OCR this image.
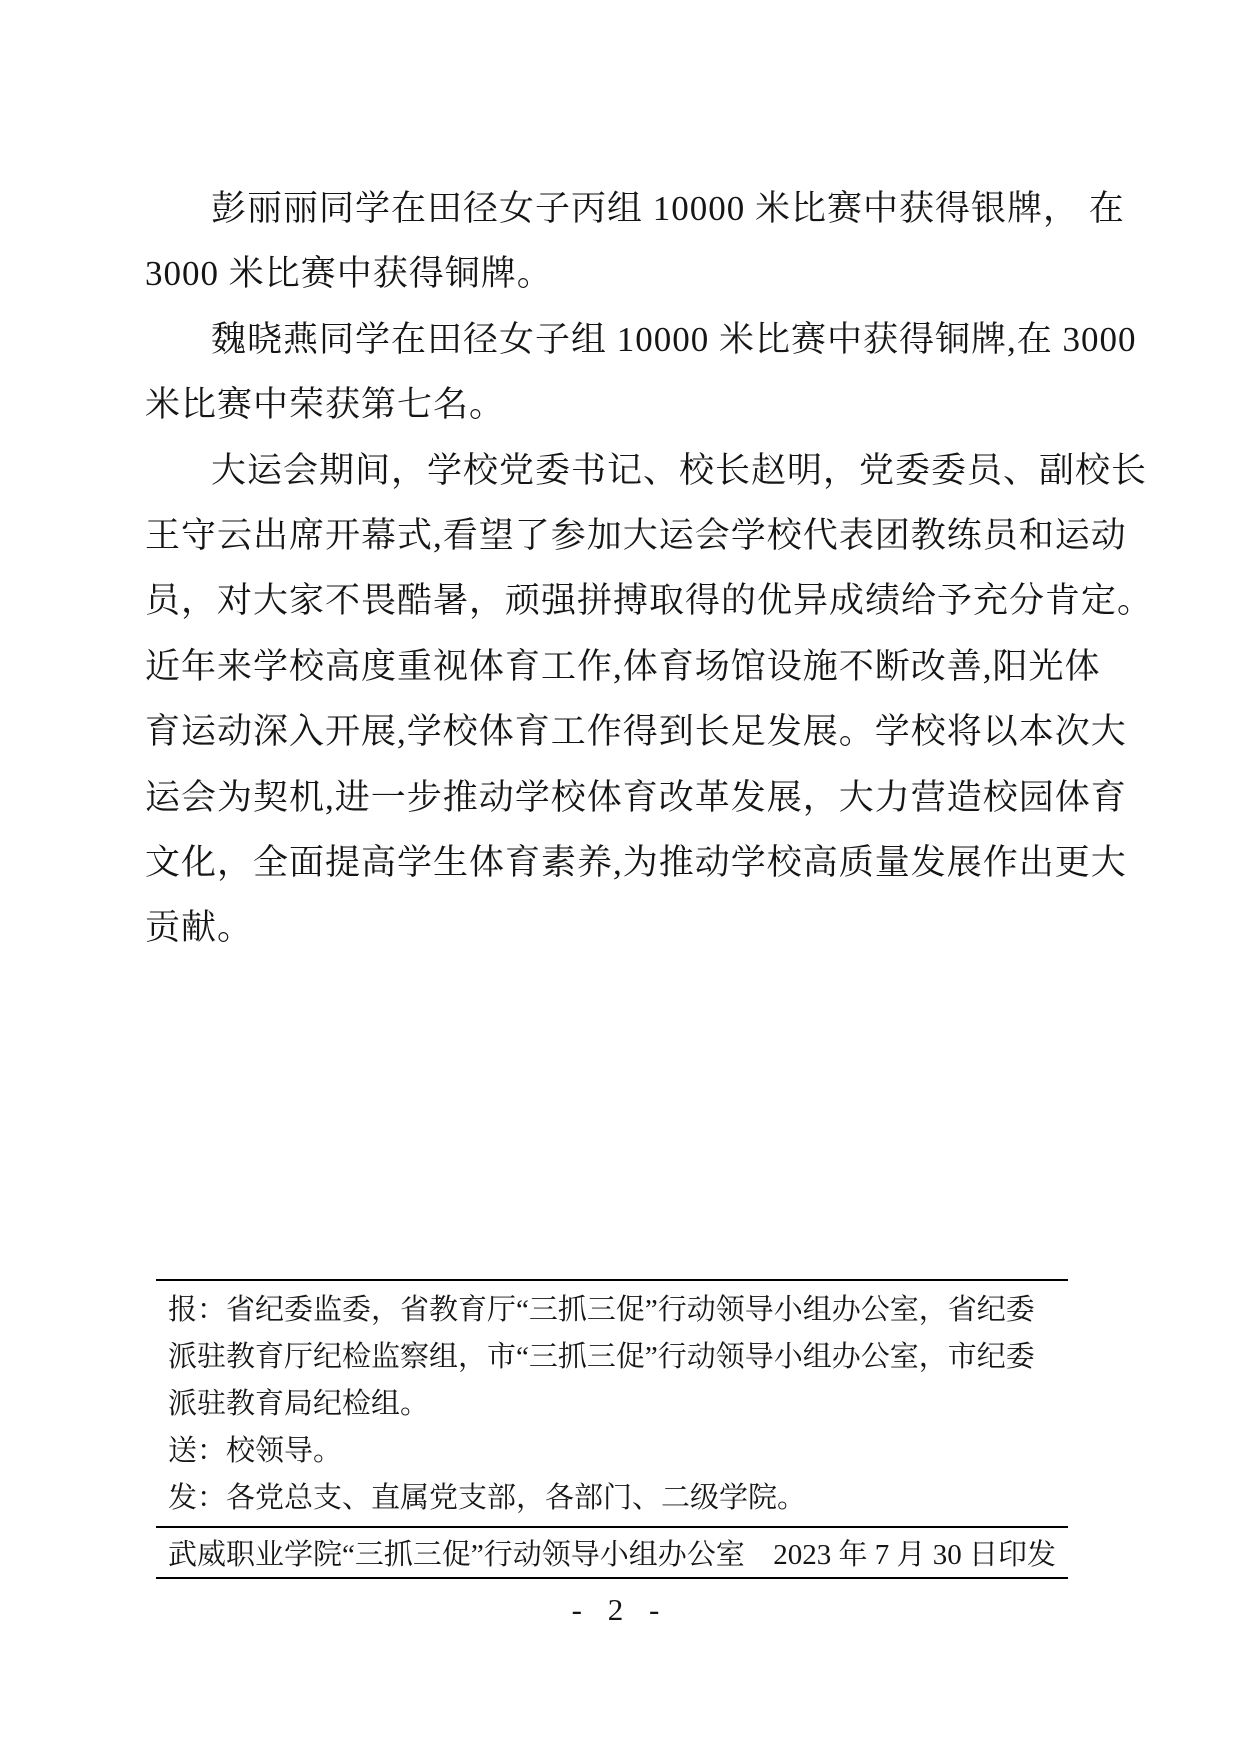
彭丽丽同学在田径女子丙组 10000 米比赛中获得银牌， 在

3000 米比赛中获得铜牌。

魏晓燕同学在田径女子组 10000 米比赛中获得铜牌,在 3000

米比赛中荣获第七名。

大运会期间，学校党委书记、校长赵明，党委委员、副校长

王守云出席开幕式,看望了参加大运会学校代表团教练员和运动

员，对大家不畏酷暑，顽强拼搏取得的优异成绩给予充分肯定。

近年来学校高度重视体育工作,体育场馆设施不断改善,阳光体

育运动深入开展,学校体育工作得到长足发展。学校将以本次大

运会为契机,进一步推动学校体育改革发展，大力营造校园体育

文化，全面提高学生体育素养,为推动学校高质量发展作出更大

贡献。

报：省纪委监委，省教育厅“三抓三促”行动领导小组办公室，省纪委

派驻教育厅纪检监察组，市“三抓三促”行动领导小组办公室，市纪委

派驻教育局纪检组。

送：校领导。

发：各党总支、直属党支部，各部门、二级学院。

武威职业学院“三抓三促”行动领导小组办公室 2023 年 7 月 30 日印发
- 2 -
